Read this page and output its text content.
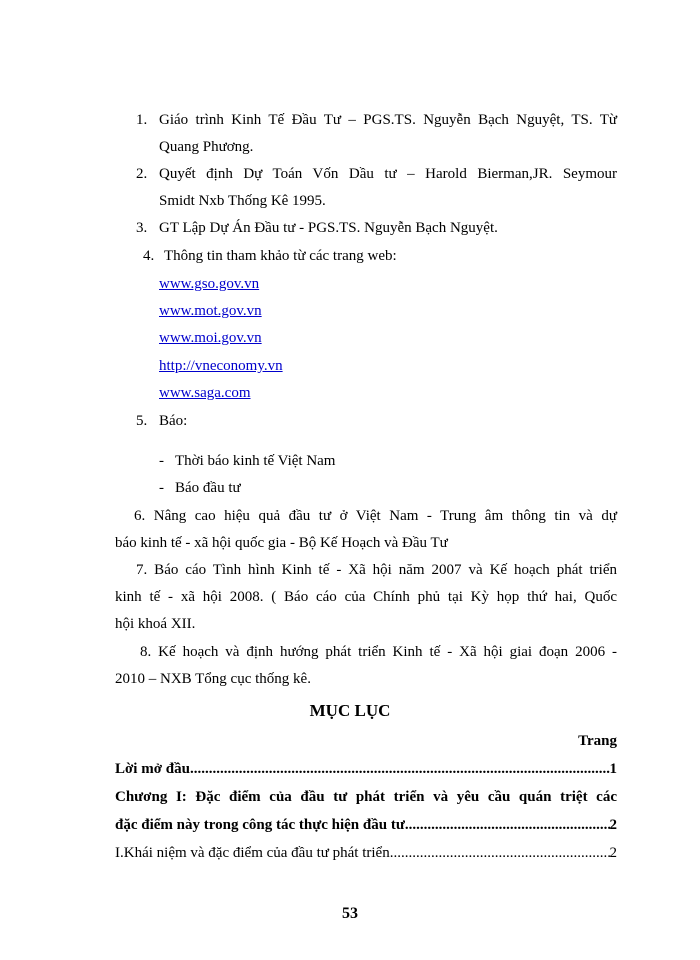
1. Giáo trình Kinh Tế Đầu Tư – PGS.TS. Nguyễn Bạch Nguyệt, TS. Từ
Quang Phương.
2. Quyết định Dự Toán Vốn Dầu tư – Harold Bierman,JR. Seymour
Smidt Nxb Thống Kê 1995.
3. GT Lập Dự Án Đầu tư - PGS.TS. Nguyễn Bạch Nguyệt.
4. Thông tin tham khảo từ các trang web:
www.gso.gov.vn
www.mot.gov.vn
www.moi.gov.vn
http://vneconomy.vn
www.saga.com
5. Báo:
- Thời báo kinh tế Việt Nam
- Báo đầu tư
6. Nâng cao hiệu quả đầu tư ở Việt Nam - Trung âm thông tin và dự
báo kinh tế - xã hội quốc gia - Bộ Kế Hoạch và Đầu Tư
7. Báo cáo Tình hình Kinh tế - Xã hội năm 2007 và Kế hoạch phát triển
kinh tế - xã hội 2008. ( Báo cáo của Chính phủ tại Kỳ họp thứ hai, Quốc
hội khoá XII.
8. Kế hoạch và định hướng phát triển Kinh tế - Xã hội giai đoạn 2006 -
2010 – NXB Tổng cục thống kê.
MỤC LỤC
Trang
Lời mở đầu .....	1
Chương I: Đặc điểm của đầu tư phát triển và yêu cầu quán triệt các
đặc điểm này trong công tác thực hiện đầu tư .....	2
I.Khái niệm và đặc điểm của đầu tư phát triển. .....	2
53
